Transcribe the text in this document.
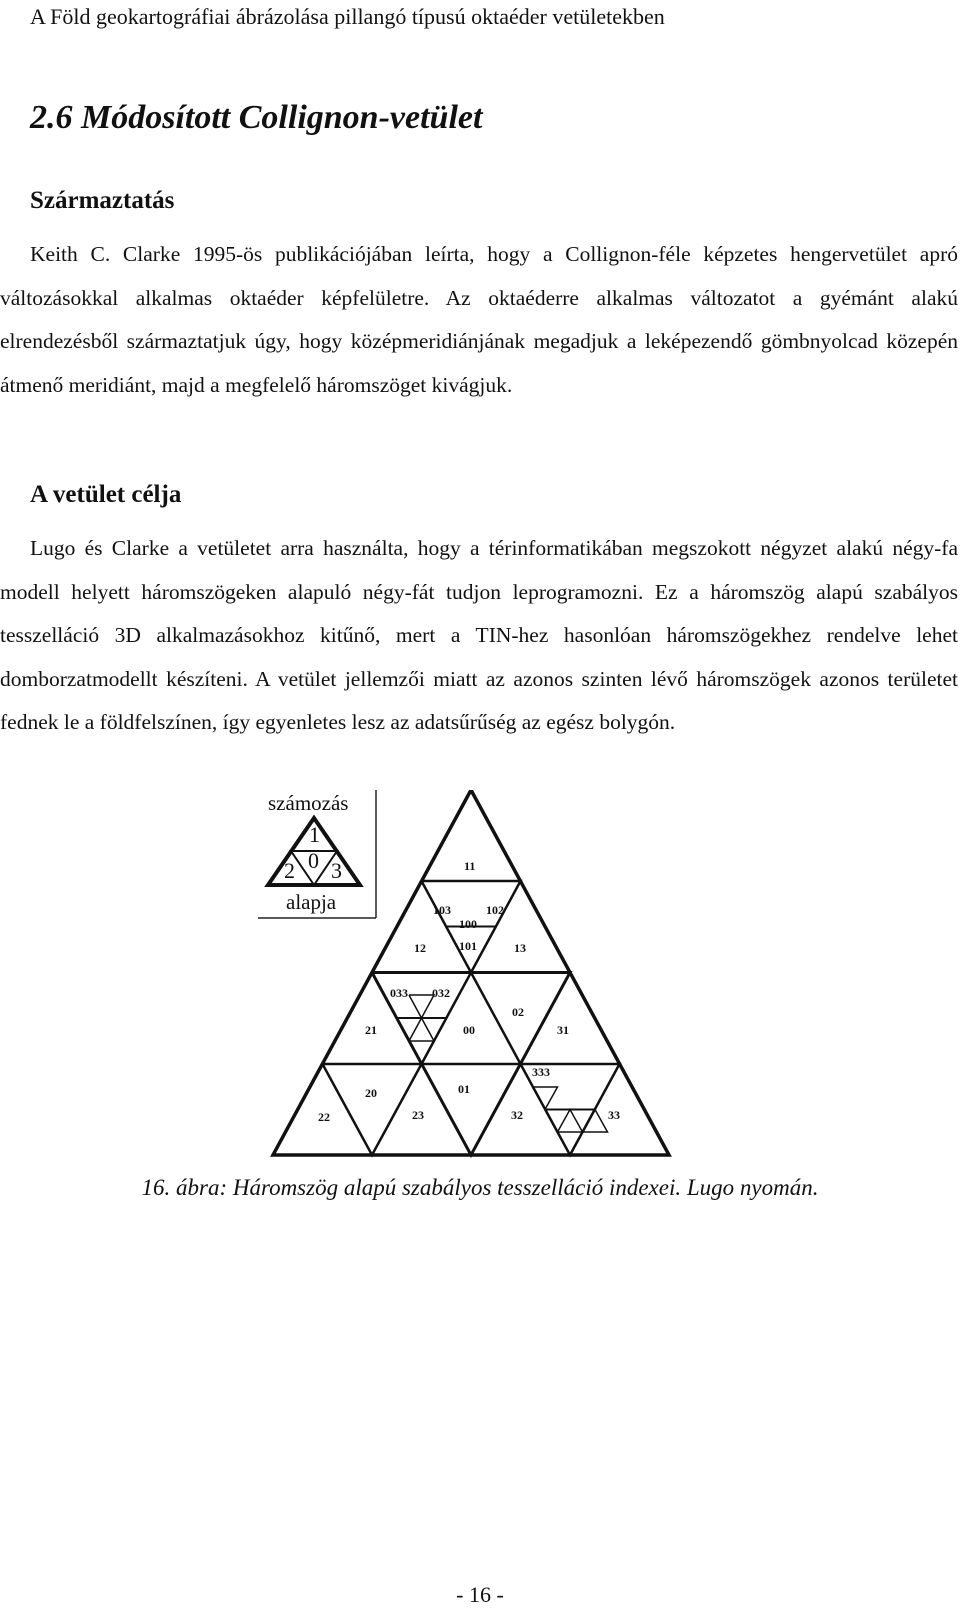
A Föld geokartográfiai ábrázolása pillangó típusú oktaéder vetületekben
2.6 Módosított Collignon-vetület
Származtatás

Keith C. Clarke 1995-ös publikációjában leírta, hogy a Collignon-féle képzetes hengervetület apró változásokkal alkalmas oktaéder képfelületre. Az oktaéderre alkalmas változatot a gyémánt alakú elrendezésből származtatjuk úgy, hogy középmeridiánjának megadjuk a leképezendő gömbnyolcad közepén átmenő meridiánt, majd a megfelelő háromszöget kivágjuk.

A vetület célja

Lugo és Clarke a vetületet arra használta, hogy a térinformatikában megszokott négyzet alakú négy-fa modell helyett háromszögeken alapuló négy-fát tudjon leprogramozni. Ez a háromszög alapú szabályos tesszelláció 3D alkalmazásokhoz kitűnő, mert a TIN-hez hasonlóan háromszögekhez rendelve lehet domborzatmodellt készíteni. A vetület jellemzői miatt az azonos szinten lévő háromszögek azonos területet fednek le a földfelszínen, így egyenletes lesz az adatsűrűség az egész bolygón.

számozás
1
2 0 3
alapja
11
103	102
100
101
12	13
033 032
02
21	00	31
333
20	01
22	23	32	33
16. ábra: Háromszög alapú szabályos tesszelláció indexei. Lugo nyomán.
- 16 -
